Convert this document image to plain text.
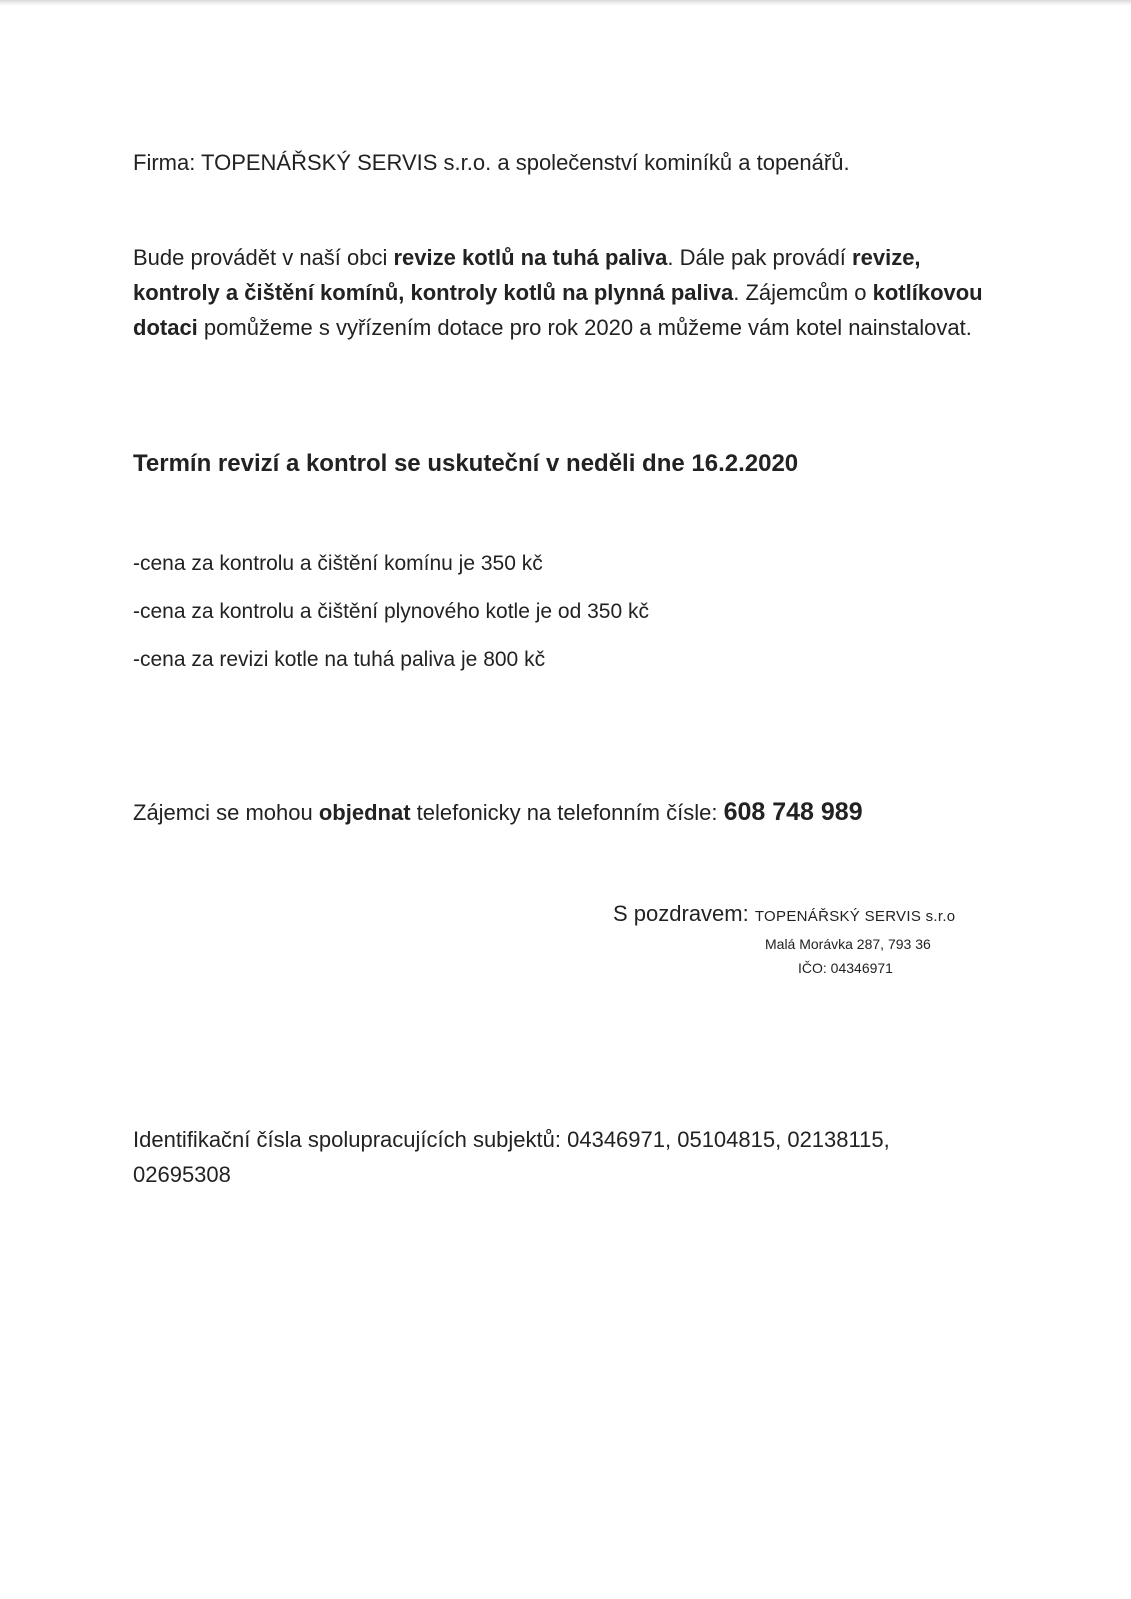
Firma: TOPENÁŘSKÝ SERVIS s.r.o. a společenství kominíků a topenářů.

Bude provádět v naší obci revize kotlů na tuhá paliva. Dále pak provádí revize, kontroly a čištění komínů, kontroly kotlů na plynná paliva. Zájemcům o kotlíkovou dotaci pomůžeme s vyřízením dotace pro rok 2020 a můžeme vám kotel nainstalovat.

Termín revizí a kontrol se uskuteční v neděli dne 16.2.2020

-cena za kontrolu a čištění komínu je 350 kč

-cena za kontrolu a čištění plynového kotle je od 350 kč

-cena za revizi kotle na tuhá paliva je 800 kč

Zájemci se mohou objednat telefonicky na telefonním čísle: 608 748 989

S pozdravem: TOPENÁŘSKÝ SERVIS s.r.o
Malá Morávka 287, 793 36
IČO: 04346971

Identifikační čísla spolupracujících subjektů: 04346971, 05104815, 02138115, 02695308
